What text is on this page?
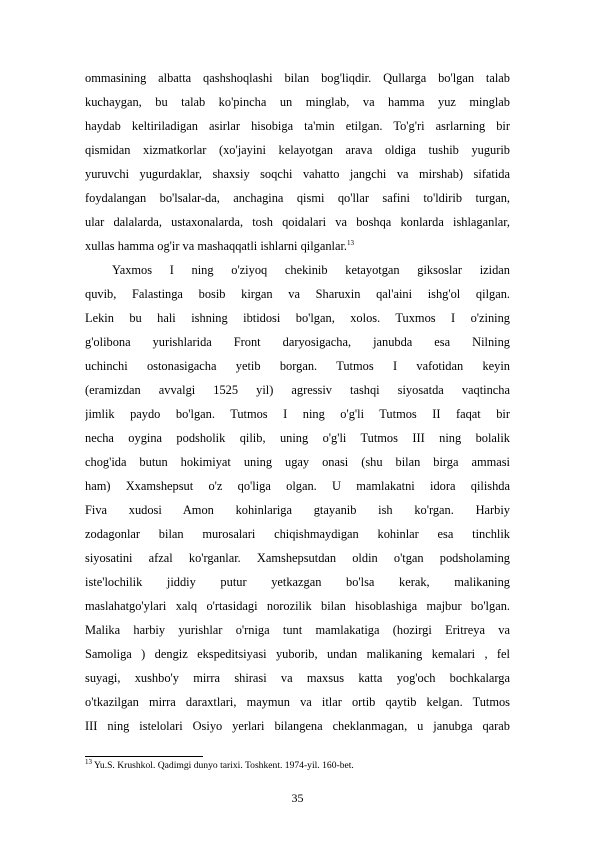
ommasining albatta qashshoqlashi bilan bog'liqdir. Qullarga bo'lgan talab
kuchaygan, bu talab ko'pincha un minglab, va hamma yuz minglab
haydab keltiriladigan asirlar hisobiga ta'min etilgan. To'g'ri asrlarning bir
qismidan xizmatkorlar (xo'jayini kelayotgan arava oldiga tushib yugurib
yuruvchi yugurdaklar, shaxsiy soqchi vahatto jangchi va mirshab) sifatida
foydalangan bo'lsalar-da, anchagina qismi qo'llar safini to'ldirib turgan,
ular dalalarda, ustaxonalarda, tosh qoidalari va boshqa konlarda ishlaganlar,
xullas hamma og'ir va mashaqqatli ishlarni qilganlar.$^{13}$
Yaxmos I ning o'ziyoq chekinib ketayotgan giksoslar izidan
quvib, Falastinga bosib kirgan va Sharuxin qal'aini ishg'ol qilgan.
Lekin bu hali ishning ibtidosi bo'lgan, xolos. Tuxmos I o'zining
g'olibona yurishlarida Front daryosigacha, janubda esa Nilning
uchinchi ostonasigacha yetib borgan. Tutmos I vafotidan keyin
(eramizdan avvalgi 1525 yil) agressiv tashqi siyosatda vaqtincha
jimlik paydo bo'lgan. Tutmos I ning o'g'li Tutmos II faqat bir
necha oygina podsholik qilib, uning o'g'li Tutmos III ning bolalik
chog'ida butun hokimiyat uning ugay onasi (shu bilan birga ammasi
ham) Xxamshepsut o'z qo'liga olgan. U mamlakatni idora qilishda
Fiva xudosi Amon kohinlariga gtayanib ish ko'rgan. Harbiy
zodagonlar bilan murosalari chiqishmaydigan kohinlar esa tinchlik
siyosatini afzal ko'rganlar. Xamshepsutdan oldin o'tgan podsholaming
iste'lochilik jiddiy putur yetkazgan bo'lsa kerak, malikaning
maslahatgo'ylari xalq o'rtasidagi norozilik bilan hisoblashiga majbur bo'lgan.
Malika harbiy yurishlar o'rniga tunt mamlakatiga (hozirgi Eritreya va
Samoliga ) dengiz ekspeditsiyasi yuborib, undan malikaning kemalari , fel
suyagi, xushbo'y mirra shirasi va maxsus katta yog'och bochkalarga
o'tkazilgan mirra daraxtlari, maymun va itlar ortib qaytib kelgan. Tutmos
III ning istelolari Osiyo yerlari bilangena cheklanmagan, u janubga qarab
$^{13}$ Yu.S. Krushkol. Qadimgi dunyo tarixi. Toshkent. 1974-yil. 160-bet.
35
